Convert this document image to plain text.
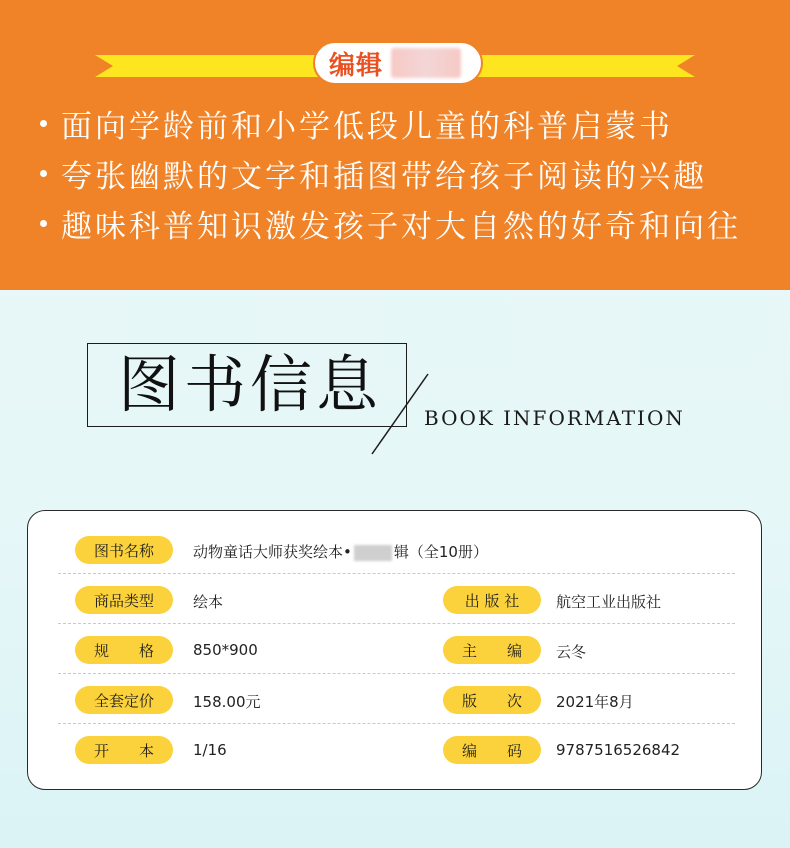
编辑
面向学龄前和小学低段儿童的科普启蒙书
夸张幽默的文字和插图带给孩子阅读的兴趣
趣味科普知识激发孩子对大自然的好奇和向往
图书信息 BOOK INFORMATION
图书名称	动物童话大师获奖绘本•	辑（全10册）
商品类型	绘本	出 版 社	航空工业出版社
规　　格	850*900	主　　编	云冬
全套定价	158.00元	版　　次	2021年8月
开　　本	1/16	编　　码	9787516526842
